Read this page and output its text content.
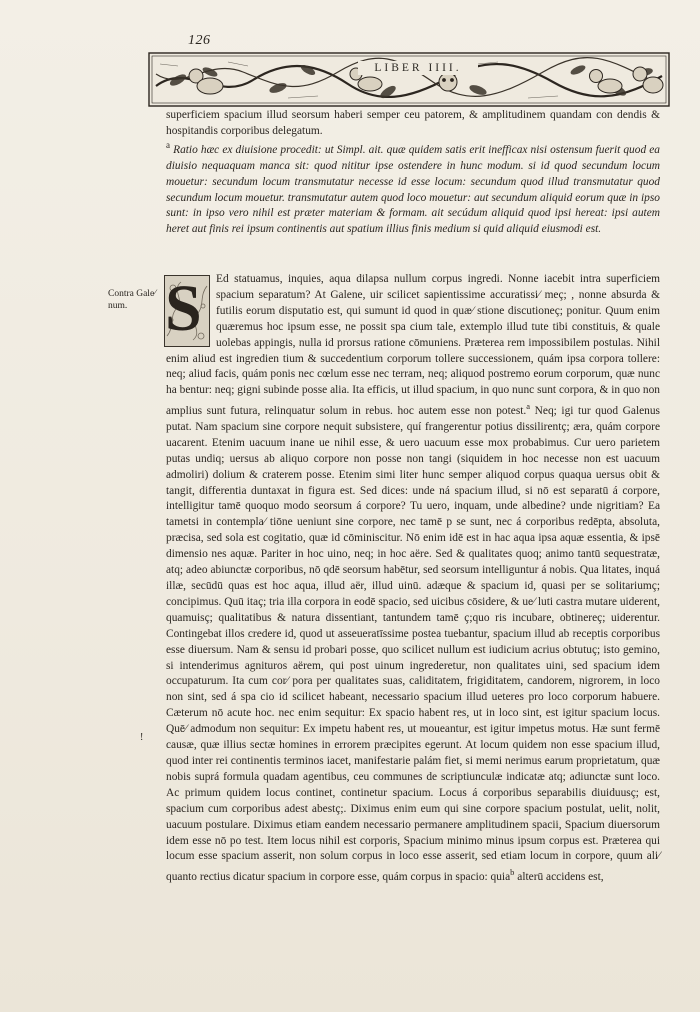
126
LIBER IIII.

superficiem spacium illud seorsum haberi semper ceu patorem, & amplitudinem quandam con dendis & hospitandis corporibus delegatum.

$^a$ Ratio hæc ex diuisione procedit: ut Simpl. ait. quæ quidem satis erit inefficax nisi ostensum fuerit quod ea diuisio nequaquam manca sit: quod nititur ipse ostendere in hunc modum. si id quod secundum locum mouetur: secundum locum transmutatur necesse id esse locum: secundum quod illud transmutatur quod secundum locum mouetur. transmutatur autem quod loco mouetur: aut secundum aliquid eorum quæ in ipso sunt: in ipso vero nihil est præter materiam & formam. ait secúdum aliquid quod ipsi hereat: ipsi autem heret aut finis rei ipsum continentis aut spatium illius finis medium si quid aliquid eiusmodi est.

Contra Gale⁄ num.
!
S	Ed statuamus, inquies, aqua dilapsa nullum corpus ingredi. Nonne iacebit intra superficiem spacium separatum? At Galene, uir scilicet sapientissime accuratissi⁄ meç; , nonne absurda & futilis eorum disputatio est, qui sumunt id quod in quæ⁄ stione discutioneç; ponitur. Quum enim quæremus hoc ipsum esse, ne possit spa cium tale, extemplo illud tute tibi constituis, & quale uolebas appingis, nulla id prorsus ratione cōmuniens. Præterea rem impossibilem postulas. Nihil enim aliud est ingredien tium & succedentium corporum tollere successionem, quám ipsa corpora tollere: neq; aliud facis, quám ponis nec cœlum esse nec terram, neq; aliquod postremo eorum corporum, quæ nunc ha bentur: neq; gigni subinde posse alia. Ita efficis, ut illud spacium, in quo nunc sunt corpora, & in quo non amplius sunt futura, relinquatur solum in rebus. hoc autem esse non potest.$^a$ Neq; igi tur quod Galenus putat. Nam spacium sine corpore nequit subsistere, quí frangerentur potius dissilirentç; æra, quám corpore uacarent. Etenim uacuum inane ue nihil esse, & uero uacuum esse mox probabimus. Cur uero parietem putas undiq; uersus ab aliquo corpore non posse non tangi (siquidem in hoc necesse non est uacuum admoliri) dolium & craterem posse. Etenim simi liter hunc semper aliquod corpus quaqua uersus obit & tangit, differentia duntaxat in figura est. Sed dices: unde ná spacium illud, si nō est separatū á corpore, intelligitur tamē quoquo modo seorsum á corpore? Tu uero, inquam, unde albedine? unde nigritiam? Ea tametsi in contempla⁄ tiōne ueniunt sine corpore, nec tamē p se sunt, nec á corporibus redēpta, absoluta, præcisa, sed sola est cogitatio, quæ id cōminiscitur. Nō enim idē est in hac aqua ipsa aquæ essentia, & ipsē dimensio nes aquæ. Pariter in hoc uino, neq; in hoc aëre. Sed & qualitates quoq; animo tantū sequestratæ, atq; adeo abiunctæ corporibus, nō qdē seorsum habētur, sed seorsum intelliguntur á nobis. Qua litates, inquá illæ, secūdū quas est hoc aqua, illud aër, illud uinū. adæque & spacium id, quasi per se solitariumç; concipimus. Quū itaç; tria illa corpora in eodē spacio, sed uicibus cōsidere, & ue⁄ luti castra mutare uiderent, quamuisç; qualitatibus & natura dissentiant, tantundem tamē ç;quo ris incubare, obtinereç; uiderentur. Contingebat illos credere id, quod ut asseueratīssime postea tuebantur, spacium illud ab receptis corporibus esse diuersum. Nam & sensu id probari posse, quo scilicet nullum est iudicium acrius obtutuç; isto gemino, si intenderimus agnituros aërem, qui post uinum ingrederetur, non qualitates uini, sed spacium idem occupaturum. Ita cum cor⁄ pora per qualitates suas, caliditatem, frigiditatem, candorem, nigrorem, in loco non sint, sed á spa cio id scilicet habeant, necessario spacium illud ueteres pro loco corporum habuere. Cæterum nō acute hoc. nec enim sequitur: Ex spacio habent res, ut in loco sint, est igitur spacium locus. Quē⁄ admodum non sequitur: Ex impetu habent res, ut moueantur, est igitur impetus motus. Hæ sunt fermē causæ, quæ illius sectæ homines in errorem præcipites egerunt. At locum quidem non esse spacium illud, quod inter rei continentis terminos iacet, manifestarie palám fiet, si memi nerimus earum proprietatum, quæ nobis suprá formula quadam agentibus, ceu communes de scriptiunculæ indicatæ atq; adiunctæ sunt loco. Ac primum quidem locus continet, continetur spacium. Locus á corporibus separabilis diuiduusç; est, spacium cum corporibus adest abestç;. Diximus enim eum qui sine corpore spacium postulat, uelit, nolit, uacuum postulare. Diximus etiam eandem necessario permanere amplitudinem spacii, Spacium diuersorum idem esse nō po test. Item locus nihil est corporis, Spacium minimo minus ipsum corpus est. Præterea qui locum esse spacium asserit, non solum corpus in loco esse asserit, sed etiam locum in corpore, quum ali⁄ quanto rectius dicatur spacium in corpore esse, quám corpus in spacio: quia$^b$ alterū accidens est,
